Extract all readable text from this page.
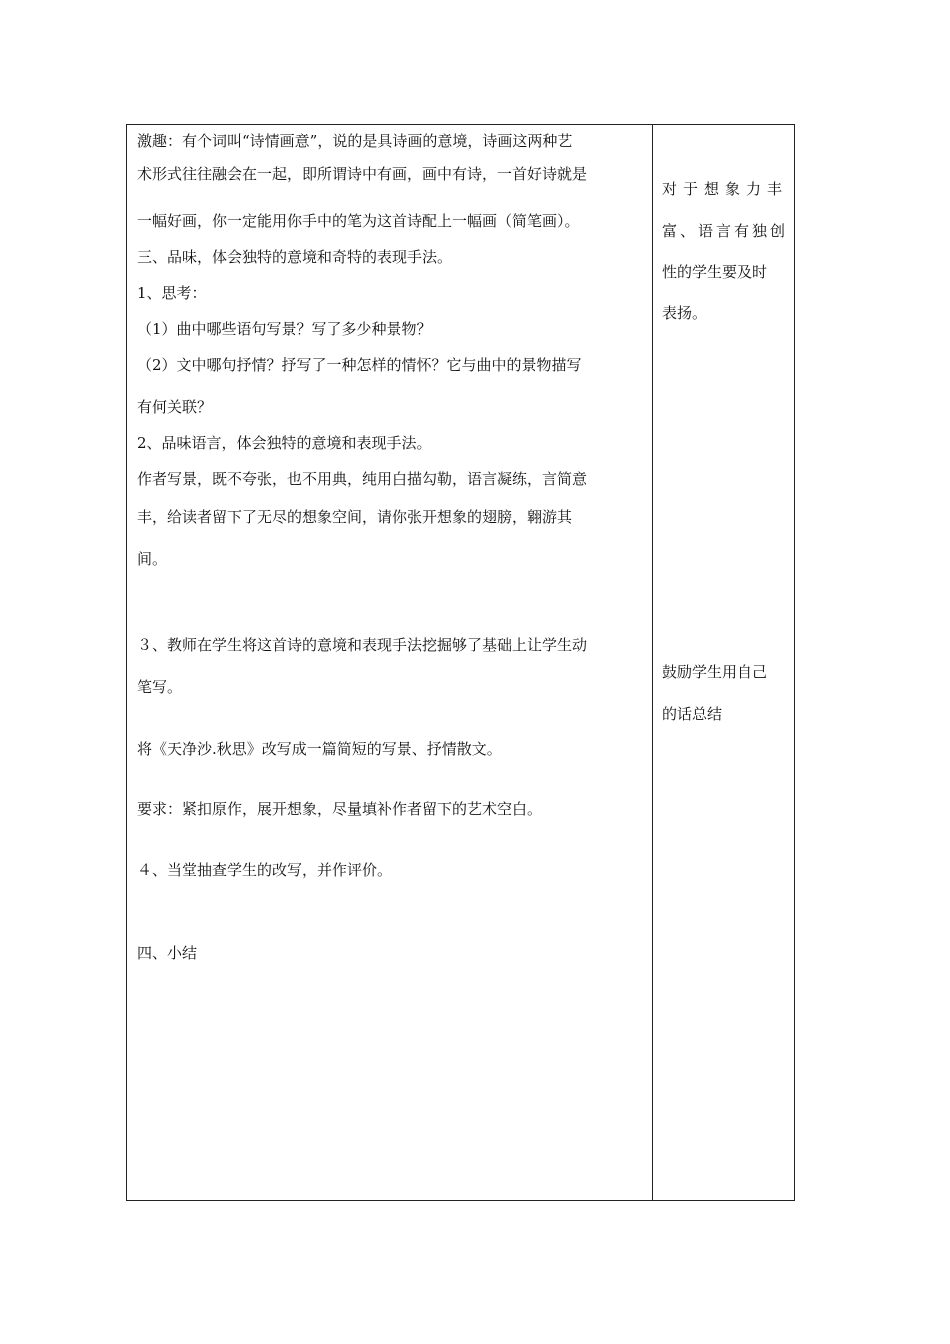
激趣：有个词叫“诗情画意”，说的是具诗画的意境，诗画这两种艺
术形式往往融会在一起，即所谓诗中有画，画中有诗，一首好诗就是
一幅好画，你一定能用你手中的笔为这首诗配上一幅画（简笔画）。
三、品味，体会独特的意境和奇特的表现手法。
1、思考：
（1）曲中哪些语句写景？写了多少种景物？
（2）文中哪句抒情？抒写了一种怎样的情怀？它与曲中的景物描写
有何关联？
2、品味语言，体会独特的意境和表现手法。
作者写景，既不夸张，也不用典，纯用白描勾勒，语言凝练，言简意
丰，给读者留下了无尽的想象空间，请你张开想象的翅膀，翱游其
间。
３、教师在学生将这首诗的意境和表现手法挖掘够了基础上让学生动
笔写。
将《天净沙.秋思》改写成一篇简短的写景、抒情散文。
要求：紧扣原作，展开想象，尽量填补作者留下的艺术空白。
４、当堂抽查学生的改写，并作评价。
四、小结
对于想象力丰
富、语言有独创
性的学生要及时
表扬。
鼓励学生用自己
的话总结
